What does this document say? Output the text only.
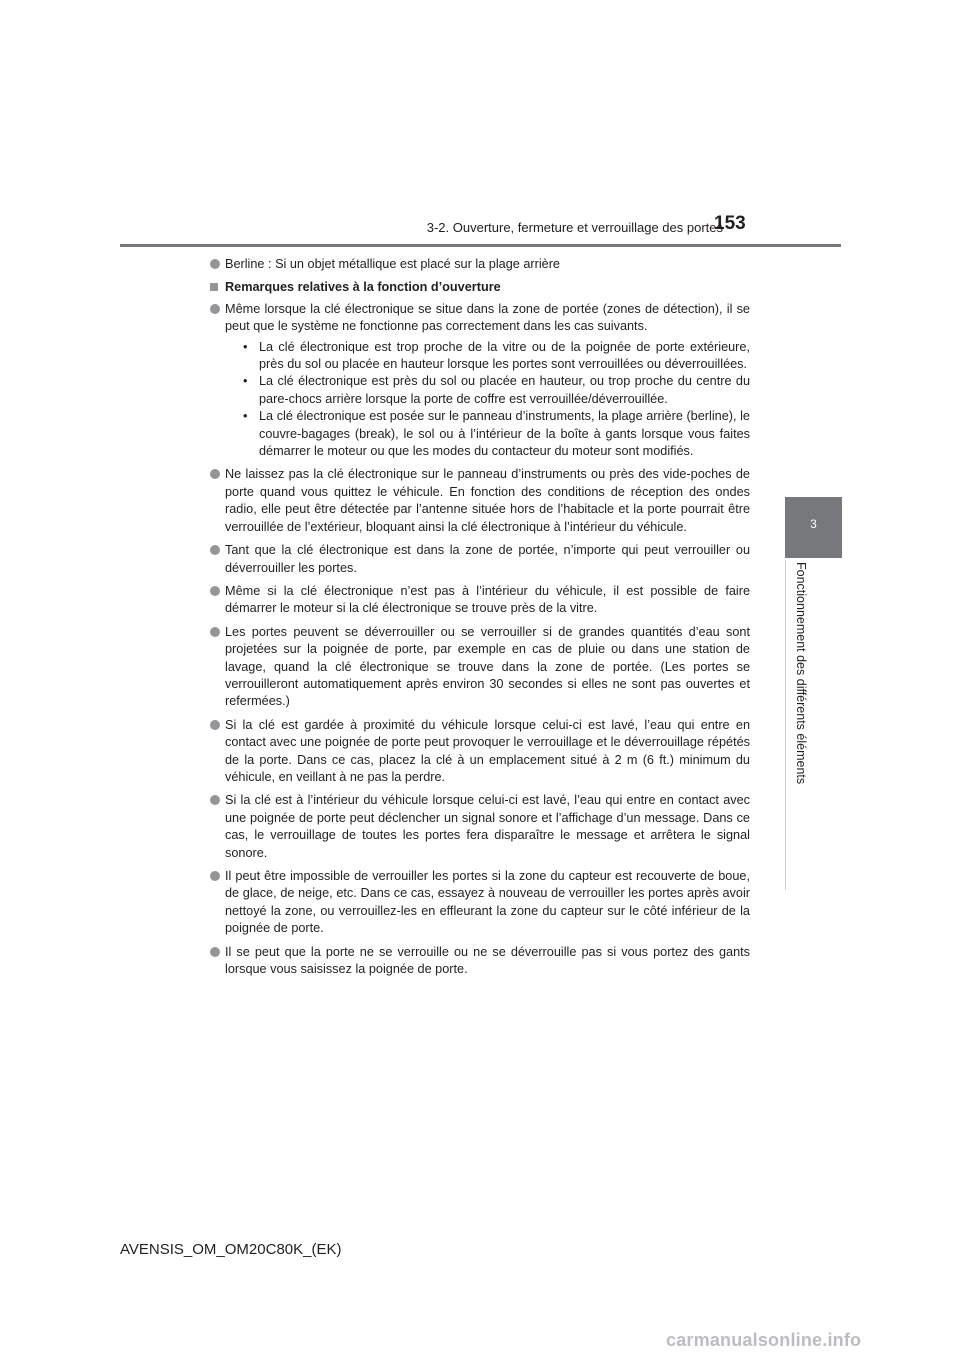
3-2. Ouverture, fermeture et verrouillage des portes
153
3
Fonctionnement des différents éléments
Berline : Si un objet métallique est placé sur la plage arrière
Remarques relatives à la fonction d’ouverture
Même lorsque la clé électronique se situe dans la zone de portée (zones de détection), il se peut que le système ne fonctionne pas correctement dans les cas suivants.
• La clé électronique est trop proche de la vitre ou de la poignée de porte extérieure, près du sol ou placée en hauteur lorsque les portes sont verrouillées ou déverrouillées.
• La clé électronique est près du sol ou placée en hauteur, ou trop proche du centre du pare-chocs arrière lorsque la porte de coffre est verrouillée/déverrouillée.
• La clé électronique est posée sur le panneau d’instruments, la plage arrière (berline), le couvre-bagages (break), le sol ou à l’intérieur de la boîte à gants lorsque vous faites démarrer le moteur ou que les modes du contacteur du moteur sont modifiés.
Ne laissez pas la clé électronique sur le panneau d’instruments ou près des vide-poches de porte quand vous quittez le véhicule. En fonction des conditions de réception des ondes radio, elle peut être détectée par l’antenne située hors de l’habitacle et la porte pourrait être verrouillée de l’extérieur, bloquant ainsi la clé électronique à l’intérieur du véhicule.
Tant que la clé électronique est dans la zone de portée, n’importe qui peut verrouiller ou déverrouiller les portes.
Même si la clé électronique n’est pas à l’intérieur du véhicule, il est possible de faire démarrer le moteur si la clé électronique se trouve près de la vitre.
Les portes peuvent se déverrouiller ou se verrouiller si de grandes quantités d’eau sont projetées sur la poignée de porte, par exemple en cas de pluie ou dans une station de lavage, quand la clé électronique se trouve dans la zone de portée. (Les portes se verrouilleront automatiquement après environ 30 secondes si elles ne sont pas ouvertes et refermées.)
Si la clé est gardée à proximité du véhicule lorsque celui-ci est lavé, l’eau qui entre en contact avec une poignée de porte peut provoquer le verrouillage et le déverrouillage répétés de la porte. Dans ce cas, placez la clé à un emplacement situé à 2 m (6 ft.) minimum du véhicule, en veillant à ne pas la perdre.
Si la clé est à l’intérieur du véhicule lorsque celui-ci est lavé, l’eau qui entre en contact avec une poignée de porte peut déclencher un signal sonore et l’affichage d’un message. Dans ce cas, le verrouillage de toutes les portes fera disparaître le message et arrêtera le signal sonore.
Il peut être impossible de verrouiller les portes si la zone du capteur est recouverte de boue, de glace, de neige, etc. Dans ce cas, essayez à nouveau de verrouiller les portes après avoir nettoyé la zone, ou verrouillez-les en effleurant la zone du capteur sur le côté inférieur de la poignée de porte.
Il se peut que la porte ne se verrouille ou ne se déverrouille pas si vous portez des gants lorsque vous saisissez la poignée de porte.
AVENSIS_OM_OM20C80K_(EK)
carmanualsonline.info
